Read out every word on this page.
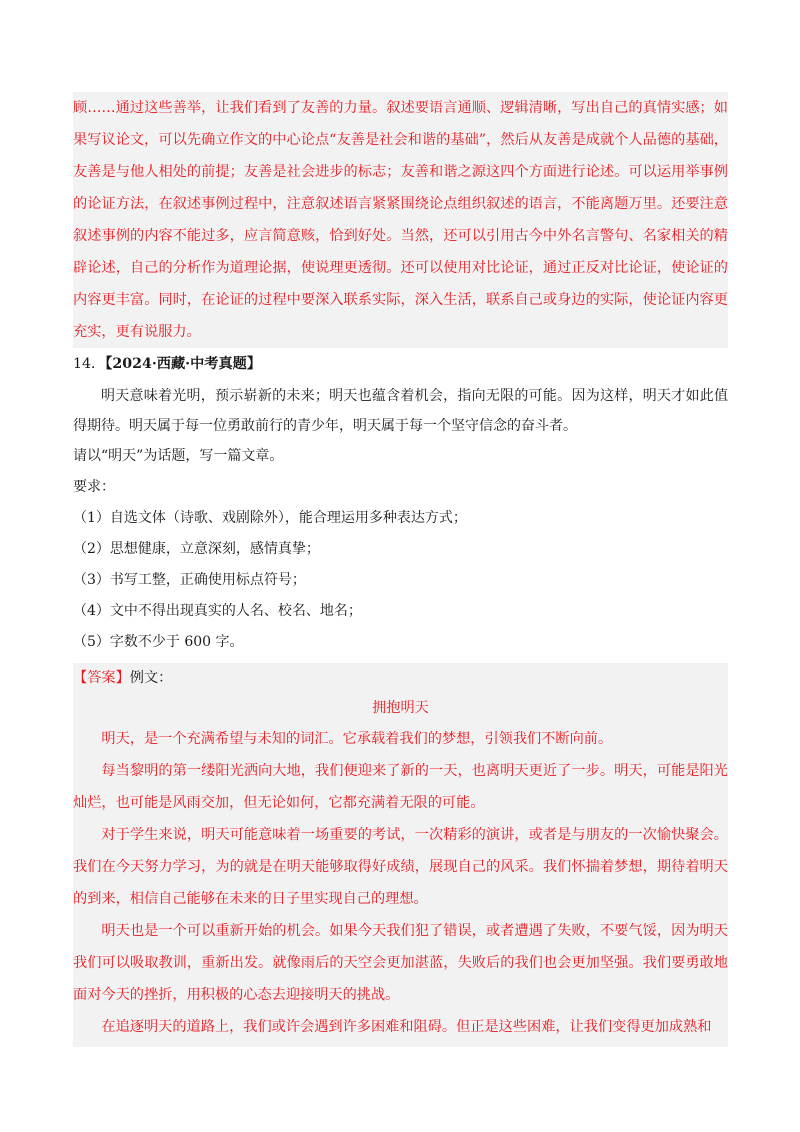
顾……通过这些善举，让我们看到了友善的力量。叙述要语言通顺、逻辑清晰，写出自己的真情实感；如果写议论文，可以先确立作文的中心论点“友善是社会和谐的基础”，然后从友善是成就个人品德的基础，友善是与他人相处的前提；友善是社会进步的标志；友善和谐之源这四个方面进行论述。可以运用举事例的论证方法，在叙述事例过程中，注意叙述语言紧紧围绕论点组织叙述的语言，不能离题万里。还要注意叙述事例的内容不能过多，应言简意赅，恰到好处。当然，还可以引用古今中外名言警句、名家相关的精辟论述，自己的分析作为道理论据，使说理更透彻。还可以使用对比论证，通过正反对比论证，使论证的内容更丰富。同时，在论证的过程中要深入联系实际，深入生活，联系自己或身边的实际，使论证内容更充实，更有说服力。

14．【2024·西藏·中考真题】

明天意味着光明，预示崭新的未来；明天也蕴含着机会，指向无限的可能。因为这样，明天才如此值得期待。明天属于每一位勇敢前行的青少年，明天属于每一个坚守信念的奋斗者。

请以“明天”为话题，写一篇文章。

要求：

（1）自选文体（诗歌、戏剧除外），能合理运用多种表达方式；

（2）思想健康，立意深刻，感情真挚；

（3）书写工整，正确使用标点符号；

（4）文中不得出现真实的人名、校名、地名；

（5）字数不少于 600 字。

【答案】例文：

拥抱明天

明天，是一个充满希望与未知的词汇。它承载着我们的梦想，引领我们不断向前。

每当黎明的第一缕阳光洒向大地，我们便迎来了新的一天，也离明天更近了一步。明天，可能是阳光灿烂，也可能是风雨交加，但无论如何，它都充满着无限的可能。

对于学生来说，明天可能意味着一场重要的考试，一次精彩的演讲，或者是与朋友的一次愉快聚会。我们在今天努力学习，为的就是在明天能够取得好成绩，展现自己的风采。我们怀揣着梦想，期待着明天的到来，相信自己能够在未来的日子里实现自己的理想。

明天也是一个可以重新开始的机会。如果今天我们犯了错误，或者遭遇了失败，不要气馁，因为明天我们可以吸取教训，重新出发。就像雨后的天空会更加湛蓝，失败后的我们也会更加坚强。我们要勇敢地面对今天的挫折，用积极的心态去迎接明天的挑战。

在追逐明天的道路上，我们或许会遇到许多困难和阻碍。但正是这些困难，让我们变得更加成熟和
